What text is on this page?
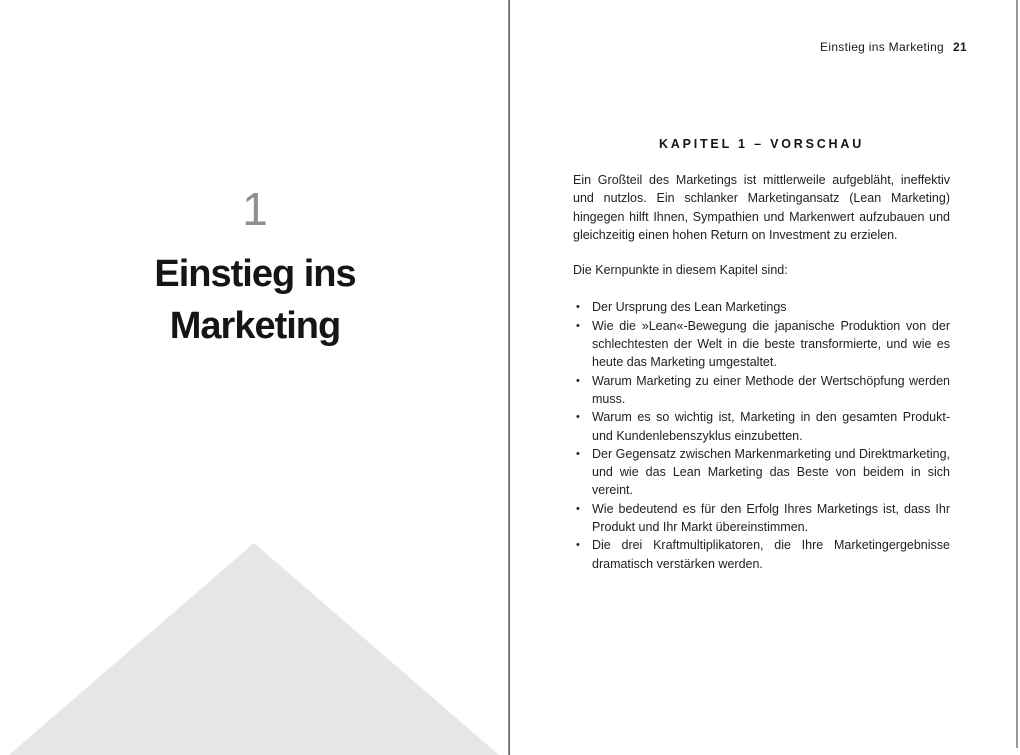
1
Einstieg ins
Marketing
Einstieg ins Marketing 21
KAPITEL 1 – VORSCHAU

Ein Großteil des Marketings ist mittlerweile aufgebläht, ineffektiv und nutzlos. Ein schlanker Marketingansatz (Lean Marketing) hingegen hilft Ihnen, Sympathien und Markenwert aufzubauen und gleichzeitig einen hohen Return on Investment zu erzielen.

Die Kernpunkte in diesem Kapitel sind:

• Der Ursprung des Lean Marketings
• Wie die »Lean«-Bewegung die japanische Produktion von der schlechtesten der Welt in die beste transformierte, und wie es heute das Marketing umgestaltet.
• Warum Marketing zu einer Methode der Wertschöpfung werden muss.
• Warum es so wichtig ist, Marketing in den gesamten Produkt- und Kundenlebenszyklus einzubetten.
• Der Gegensatz zwischen Markenmarketing und Direktmarketing, und wie das Lean Marketing das Beste von beidem in sich vereint.
• Wie bedeutend es für den Erfolg Ihres Marketings ist, dass Ihr Produkt und Ihr Markt übereinstimmen.
• Die drei Kraftmultiplikatoren, die Ihre Marketingergebnisse dramatisch verstärken werden.
